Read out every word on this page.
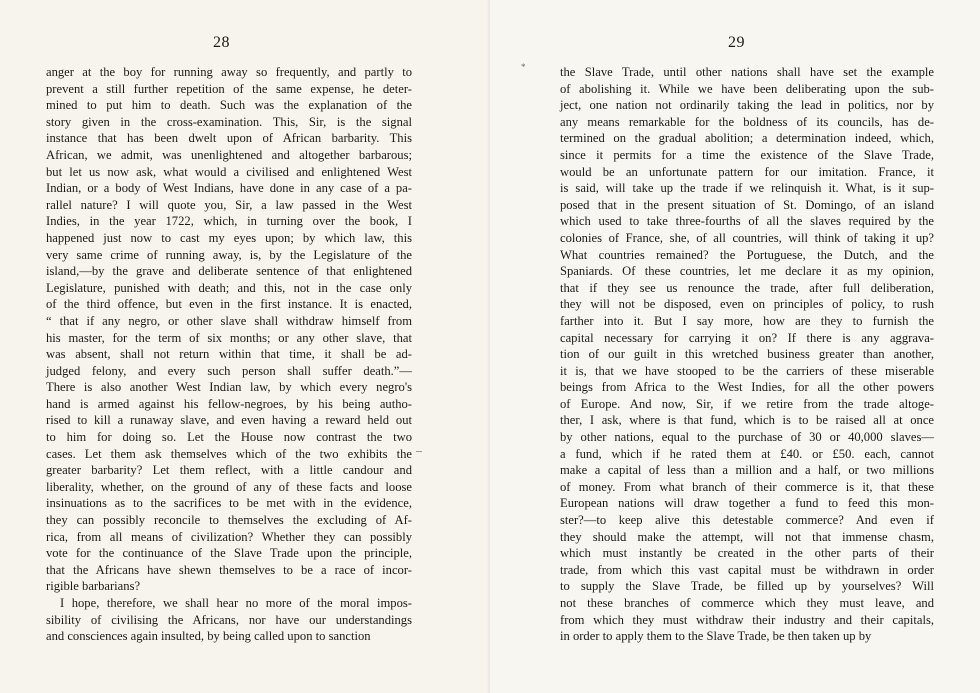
28
anger at the boy for running away so frequently, and partly to
prevent a still further repetition of the same expense, he deter-
mined to put him to death. Such was the explanation of the
story given in the cross-examination. This, Sir, is the signal
instance that has been dwelt upon of African barbarity. This
African, we admit, was unenlightened and altogether barbarous;
but let us now ask, what would a civilised and enlightened West
Indian, or a body of West Indians, have done in any case of a pa-
rallel nature? I will quote you, Sir, a law passed in the West
Indies, in the year 1722, which, in turning over the book, I
happened just now to cast my eyes upon; by which law, this
very same crime of running away, is, by the Legislature of the
island,—by the grave and deliberate sentence of that enlightened
Legislature, punished with death; and this, not in the case only
of the third offence, but even in the first instance. It is enacted,
“ that if any negro, or other slave shall withdraw himself from
his master, for the term of six months; or any other slave, that
was absent, shall not return within that time, it shall be ad-
judged felony, and every such person shall suffer death.”—
There is also another West Indian law, by which every negro's
hand is armed against his fellow-negroes, by his being autho-
rised to kill a runaway slave, and even having a reward held out
to him for doing so. Let the House now contrast the two
cases. Let them ask themselves which of the two exhibits the
greater barbarity? Let them reflect, with a little candour and
liberality, whether, on the ground of any of these facts and loose
insinuations as to the sacrifices to be met with in the evidence,
they can possibly reconcile to themselves the excluding of Af-
rica, from all means of civilization? Whether they can possibly
vote for the continuance of the Slave Trade upon the principle,
that the Africans have shewn themselves to be a race of incor-
rigible barbarians?
I hope, therefore, we shall hear no more of the moral impos-
sibility of civilising the Africans, nor have our understandings
and consciences again insulted, by being called upon to sanction
29
the Slave Trade, until other nations shall have set the example
of abolishing it. While we have been deliberating upon the sub-
ject, one nation not ordinarily taking the lead in politics, nor by
any means remarkable for the boldness of its councils, has de-
termined on the gradual abolition; a determination indeed, which,
since it permits for a time the existence of the Slave Trade,
would be an unfortunate pattern for our imitation. France, it
is said, will take up the trade if we relinquish it. What, is it sup-
posed that in the present situation of St. Domingo, of an island
which used to take three-fourths of all the slaves required by the
colonies of France, she, of all countries, will think of taking it up?
What countries remained? the Portuguese, the Dutch, and the
Spaniards. Of these countries, let me declare it as my opinion,
that if they see us renounce the trade, after full deliberation,
they will not be disposed, even on principles of policy, to rush
farther into it. But I say more, how are they to furnish the
capital necessary for carrying it on? If there is any aggrava-
tion of our guilt in this wretched business greater than another,
it is, that we have stooped to be the carriers of these miserable
beings from Africa to the West Indies, for all the other powers
of Europe. And now, Sir, if we retire from the trade altoge-
ther, I ask, where is that fund, which is to be raised all at once
by other nations, equal to the purchase of 30 or 40,000 slaves—
a fund, which if he rated them at £40. or £50. each, cannot
make a capital of less than a million and a half, or two millions
of money. From what branch of their commerce is it, that these
European nations will draw together a fund to feed this mon-
ster?—to keep alive this detestable commerce? And even if
they should make the attempt, will not that immense chasm,
which must instantly be created in the other parts of their
trade, from which this vast capital must be withdrawn in order
to supply the Slave Trade, be filled up by yourselves? Will
not these branches of commerce which they must leave, and
from which they must withdraw their industry and their capitals,
in order to apply them to the Slave Trade, be then taken up by
*
